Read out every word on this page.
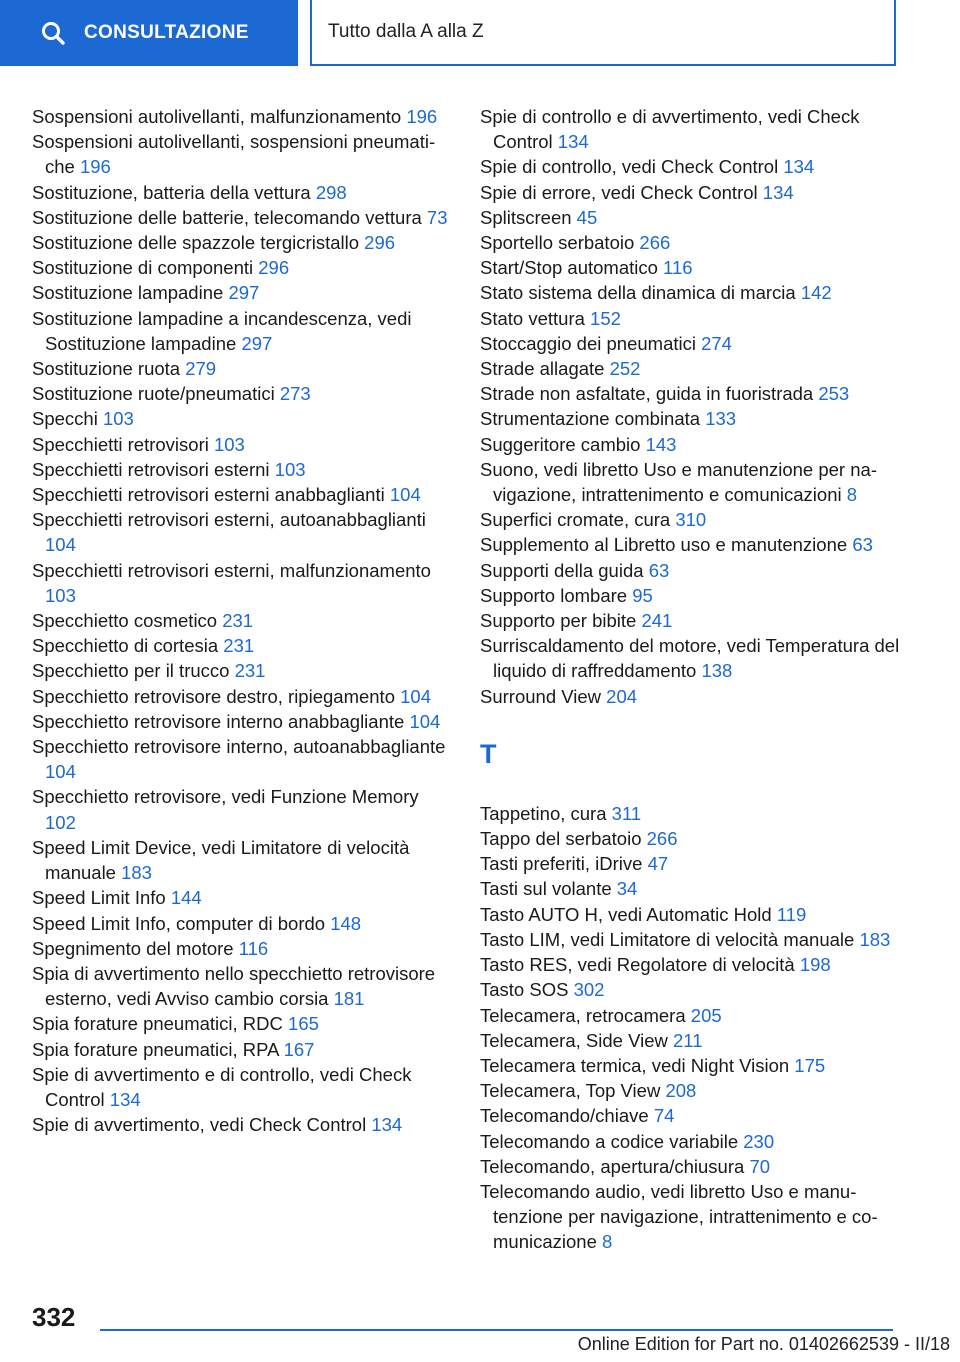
CONSULTAZIONE	Tutto dalla A alla Z
Sospensioni autolivellanti, malfunzionamento 196
Sospensioni autolivellanti, sospensioni pneumatiche 196
Sostituzione, batteria della vettura 298
Sostituzione delle batterie, telecomando vettura 73
Sostituzione delle spazzole tergicristallo 296
Sostituzione di componenti 296
Sostituzione lampadine 297
Sostituzione lampadine a incandescenza, vedi Sostituzione lampadine 297
Sostituzione ruota 279
Sostituzione ruote/pneumatici 273
Specchi 103
Specchietti retrovisori 103
Specchietti retrovisori esterni 103
Specchietti retrovisori esterni anabbaglianti 104
Specchietti retrovisori esterni, autoanabbaglianti 104
Specchietti retrovisori esterni, malfunzionamento 103
Specchietto cosmetico 231
Specchietto di cortesia 231
Specchietto per il trucco 231
Specchietto retrovisore destro, ripiegamento 104
Specchietto retrovisore interno anabbagliante 104
Specchietto retrovisore interno, autoanabbagliante 104
Specchietto retrovisore, vedi Funzione Memory 102
Speed Limit Device, vedi Limitatore di velocità manuale 183
Speed Limit Info 144
Speed Limit Info, computer di bordo 148
Spegnimento del motore 116
Spia di avvertimento nello specchietto retrovisore esterno, vedi Avviso cambio corsia 181
Spia forature pneumatici, RDC 165
Spia forature pneumatici, RPA 167
Spie di avvertimento e di controllo, vedi Check Control 134
Spie di avvertimento, vedi Check Control 134
Spie di controllo e di avvertimento, vedi Check Control 134
Spie di controllo, vedi Check Control 134
Spie di errore, vedi Check Control 134
Splitscreen 45
Sportello serbatoio 266
Start/Stop automatico 116
Stato sistema della dinamica di marcia 142
Stato vettura 152
Stoccaggio dei pneumatici 274
Strade allagate 252
Strade non asfaltate, guida in fuoristrada 253
Strumentazione combinata 133
Suggeritore cambio 143
Suono, vedi libretto Uso e manutenzione per navigazione, intrattenimento e comunicazioni 8
Superfici cromate, cura 310
Supplemento al Libretto uso e manutenzione 63
Supporti della guida 63
Supporto lombare 95
Supporto per bibite 241
Surriscaldamento del motore, vedi Temperatura del liquido di raffreddamento 138
Surround View 204
T
Tappetino, cura 311
Tappo del serbatoio 266
Tasti preferiti, iDrive 47
Tasti sul volante 34
Tasto AUTO H, vedi Automatic Hold 119
Tasto LIM, vedi Limitatore di velocità manuale 183
Tasto RES, vedi Regolatore di velocità 198
Tasto SOS 302
Telecamera, retrocamera 205
Telecamera, Side View 211
Telecamera termica, vedi Night Vision 175
Telecamera, Top View 208
Telecomando/chiave 74
Telecomando a codice variabile 230
Telecomando, apertura/chiusura 70
Telecomando audio, vedi libretto Uso e manutenzione per navigazione, intrattenimento e comunicazione 8
332
Online Edition for Part no. 01402662539 - II/18
